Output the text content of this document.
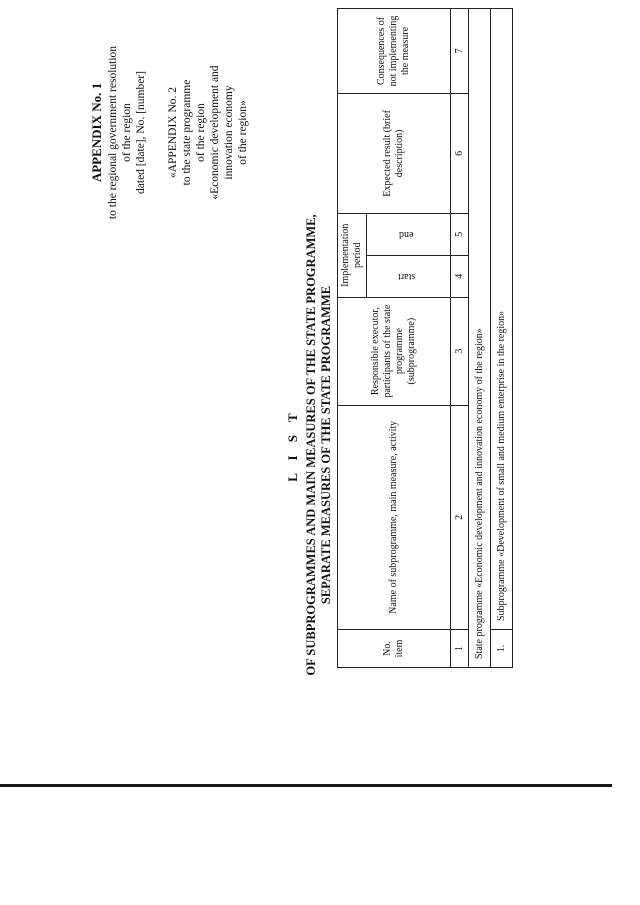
APPENDIX No. 1 to the regional government resolution of the region dated [date], No. [number] «APPENDIX No. 2 to the state programme of the region «Economic development and innovation economy of the region»
L I S T OF SUBPROGRAMMES AND MAIN MEASURES OF THE STATE PROGRAMME, SEPARATE MEASURES OF THE STATE PROGRAMME
No. item	Name of subprogramme, main measure, activity	Responsible executor, participants of the state programme (subprogramme)	Implementation period		Expected result (brief description)	Consequences of not implementing the measure
			start	end		
1	2	3	4	5	6	7
State programme «Economic development and innovation economy of the region»						
1.	Subprogramme «Development of small and medium enterprise in the region»					
